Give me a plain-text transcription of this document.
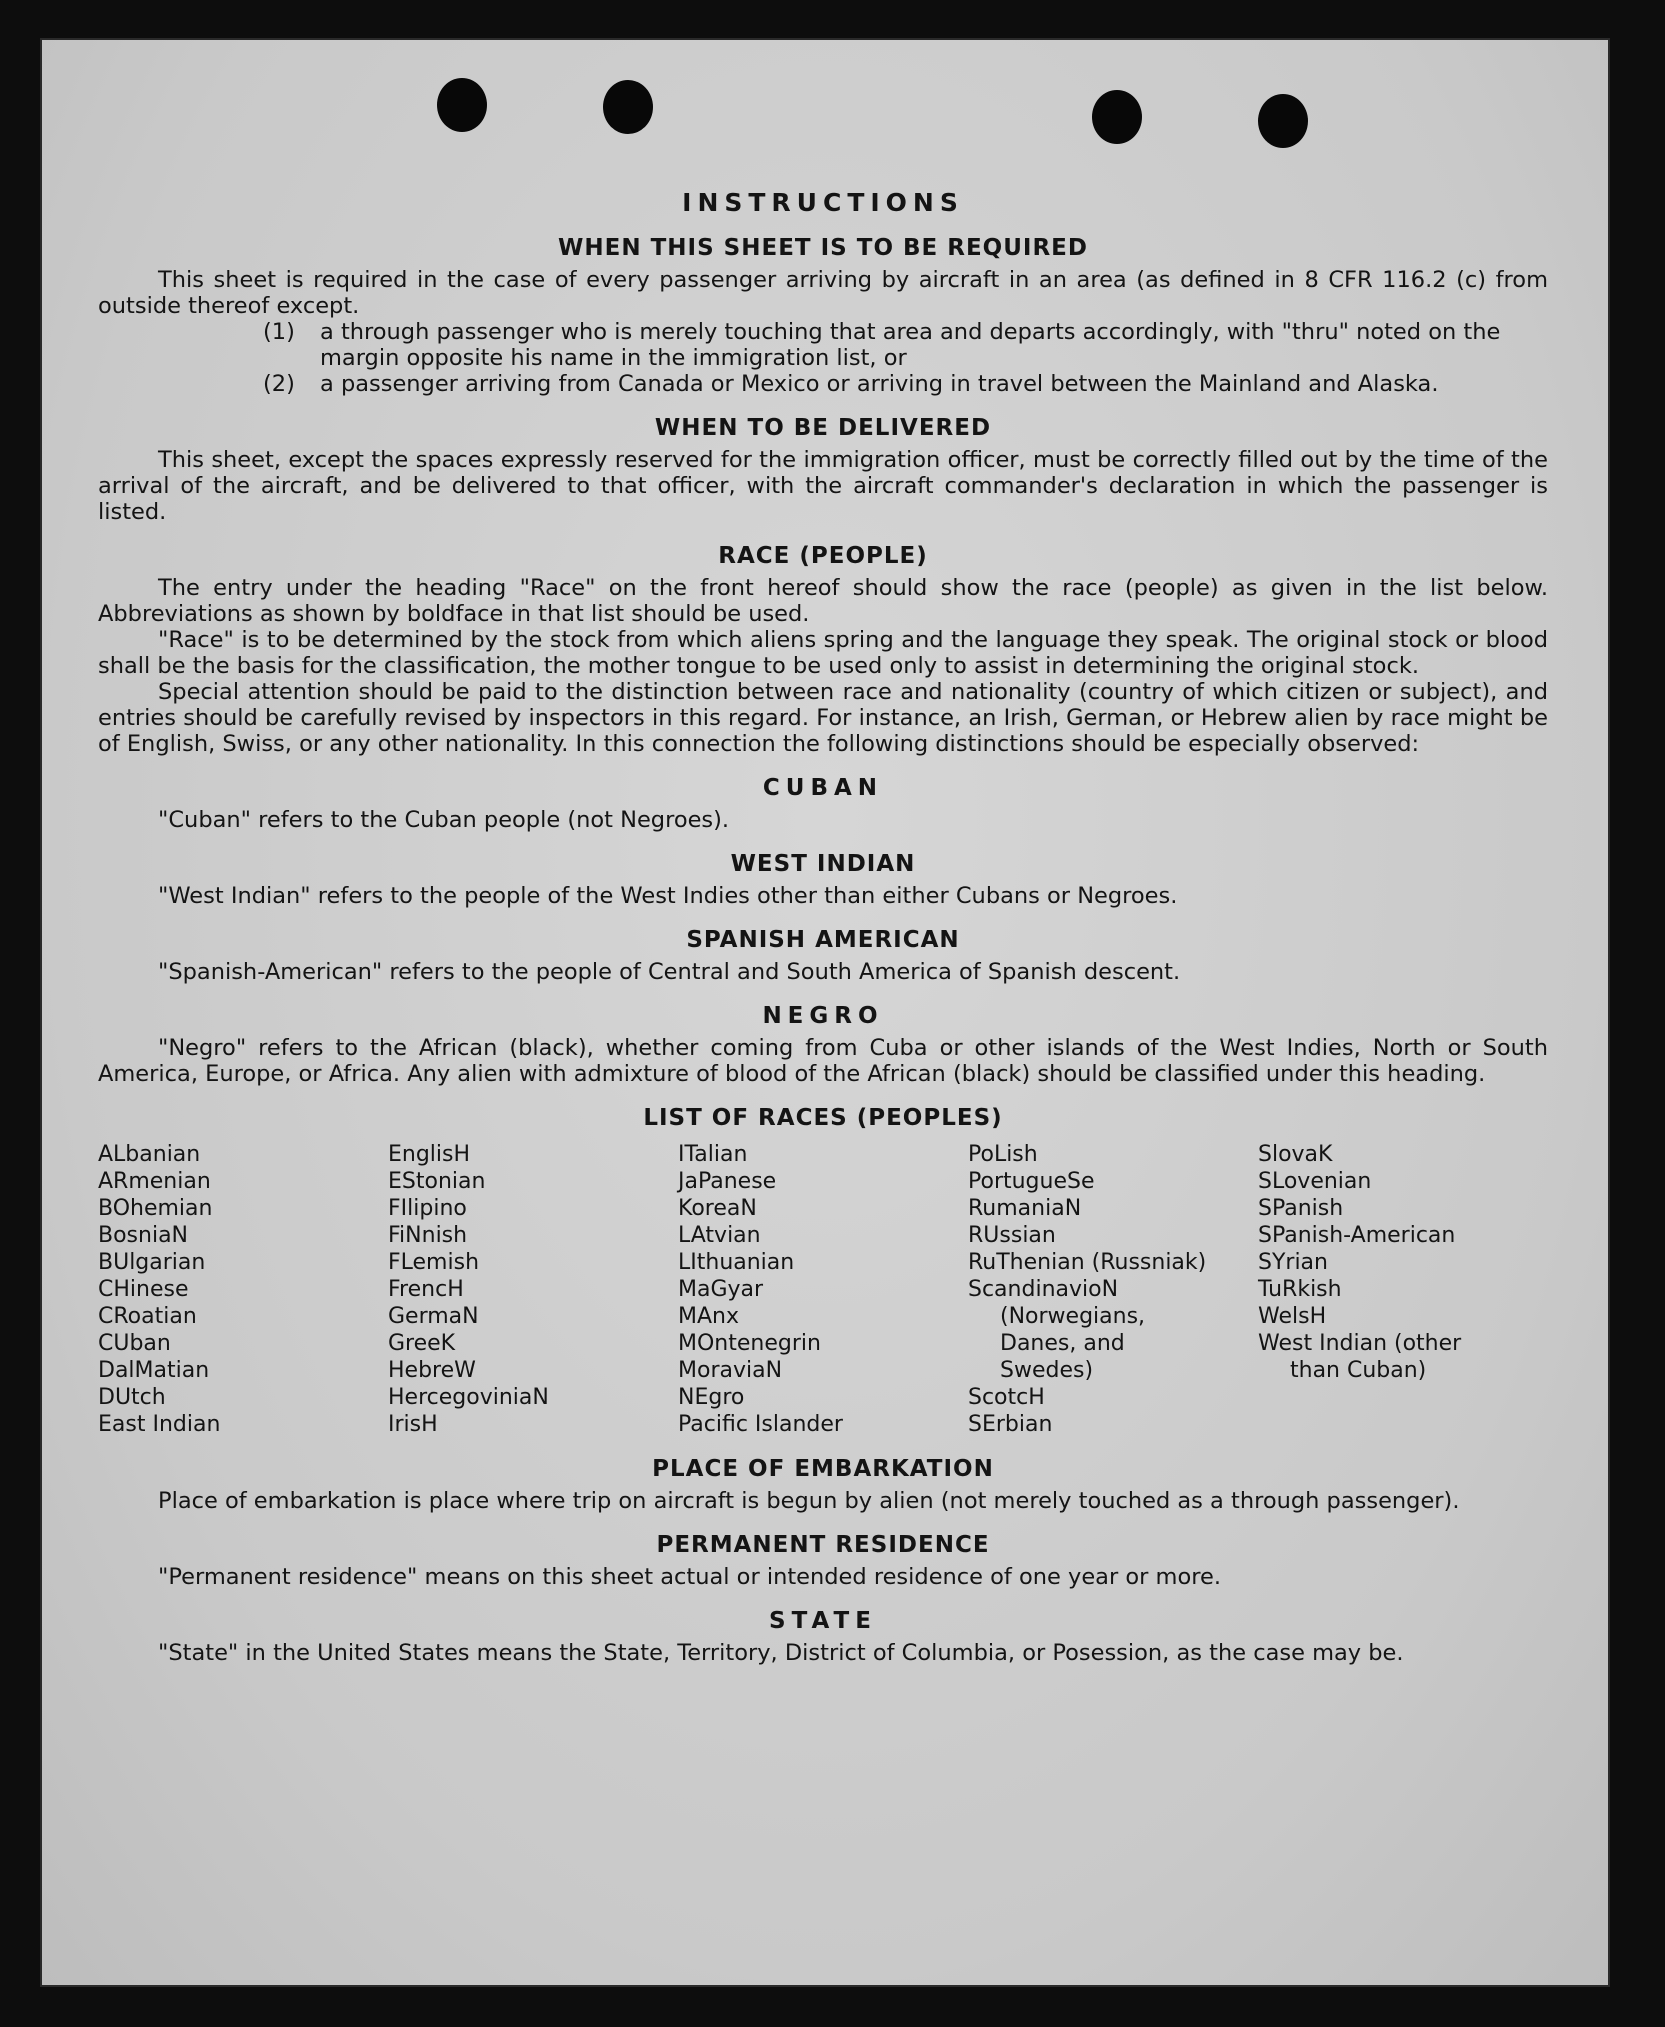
INSTRUCTIONS
WHEN THIS SHEET IS TO BE REQUIRED

This sheet is required in the case of every passenger arriving by aircraft in an area (as defined in 8 CFR 116.2 (c) from outside thereof except.

(1) a through passenger who is merely touching that area and departs accordingly, with "thru" noted on the margin opposite his name in the immigration list, or
(2) a passenger arriving from Canada or Mexico or arriving in travel between the Mainland and Alaska.
WHEN TO BE DELIVERED

This sheet, except the spaces expressly reserved for the immigration officer, must be correctly filled out by the time of the arrival of the aircraft, and be delivered to that officer, with the aircraft commander's declaration in which the passenger is listed.

RACE (PEOPLE)

The entry under the heading "Race" on the front hereof should show the race (people) as given in the list below. Abbreviations as shown by boldface in that list should be used.

"Race" is to be determined by the stock from which aliens spring and the language they speak. The original stock or blood shall be the basis for the classification, the mother tongue to be used only to assist in determining the original stock.

Special attention should be paid to the distinction between race and nationality (country of which citizen or subject), and entries should be carefully revised by inspectors in this regard. For instance, an Irish, German, or Hebrew alien by race might be of English, Swiss, or any other nationality. In this connection the following distinctions should be especially observed:

CUBAN

"Cuban" refers to the Cuban people (not Negroes).

WEST INDIAN

"West Indian" refers to the people of the West Indies other than either Cubans or Negroes.

SPANISH AMERICAN

"Spanish-American" refers to the people of Central and South America of Spanish descent.

NEGRO

"Negro" refers to the African (black), whether coming from Cuba or other islands of the West Indies, North or South America, Europe, or Africa. Any alien with admixture of blood of the African (black) should be classified under this heading.

LIST OF RACES (PEOPLES)
ALbanian
ARmenian
BOhemian
BosniaN
BUlgarian
CHinese
CRoatian
CUban
DalMatian
DUtch
East Indian
EnglisH
EStonian
FIlipino
FiNnish
FLemish
FrencH
GermaN
GreeK
HebreW
HercegoviniaN
IrisH
ITalian
JaPanese
KoreaN
LAtvian
LIthuanian
MaGyar
MAnx
MOntenegrin
MoraviaN
NEgro
Pacific Islander
PoLish
PortugueSe
RumaniaN
RUssian
RuThenian (Russniak)
ScandinavioN
(Norwegians,
Danes, and
Swedes)
ScotcH
SErbian
SlovaK
SLovenian
SPanish
SPanish-American
SYrian
TuRkish
WelsH
West Indian (other
than Cuban)
PLACE OF EMBARKATION

Place of embarkation is place where trip on aircraft is begun by alien (not merely touched as a through passenger).

PERMANENT RESIDENCE

"Permanent residence" means on this sheet actual or intended residence of one year or more.

STATE

"State" in the United States means the State, Territory, District of Columbia, or Posession, as the case may be.
